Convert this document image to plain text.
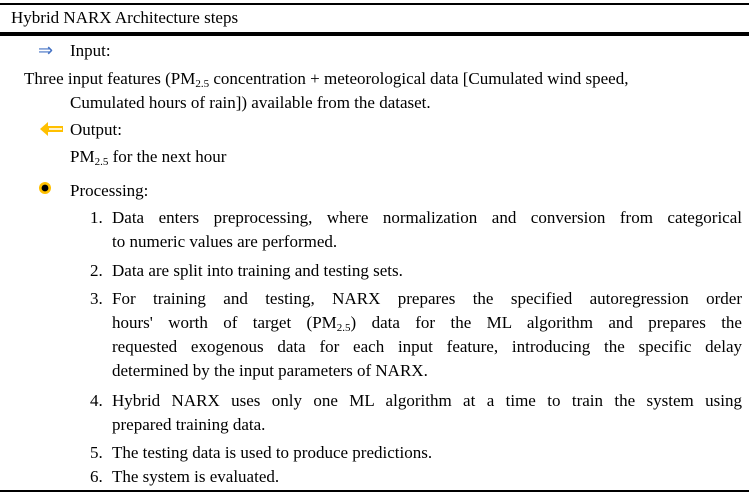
Hybrid NARX Architecture steps
⇒ Input:
Three input features ($PM_{2.5}$ concentration + meteorological data [Cumulated wind speed,
Cumulated hours of rain]) available from the dataset.
Output:
$PM_{2.5}$ for the next hour
Processing:
1. Data enters preprocessing, where normalization and conversion from categorical
to numeric values are performed.
2. Data are split into training and testing sets.
3. For training and testing, NARX prepares the specified autoregression order
hours' worth of target $(PM_{2.5})$ data for the ML algorithm and prepares the
requested exogenous data for each input feature, introducing the specific delay
determined by the input parameters of NARX.
4. Hybrid NARX uses only one ML algorithm at a time to train the system using
prepared training data.
5. The testing data is used to produce predictions.
6. The system is evaluated.
